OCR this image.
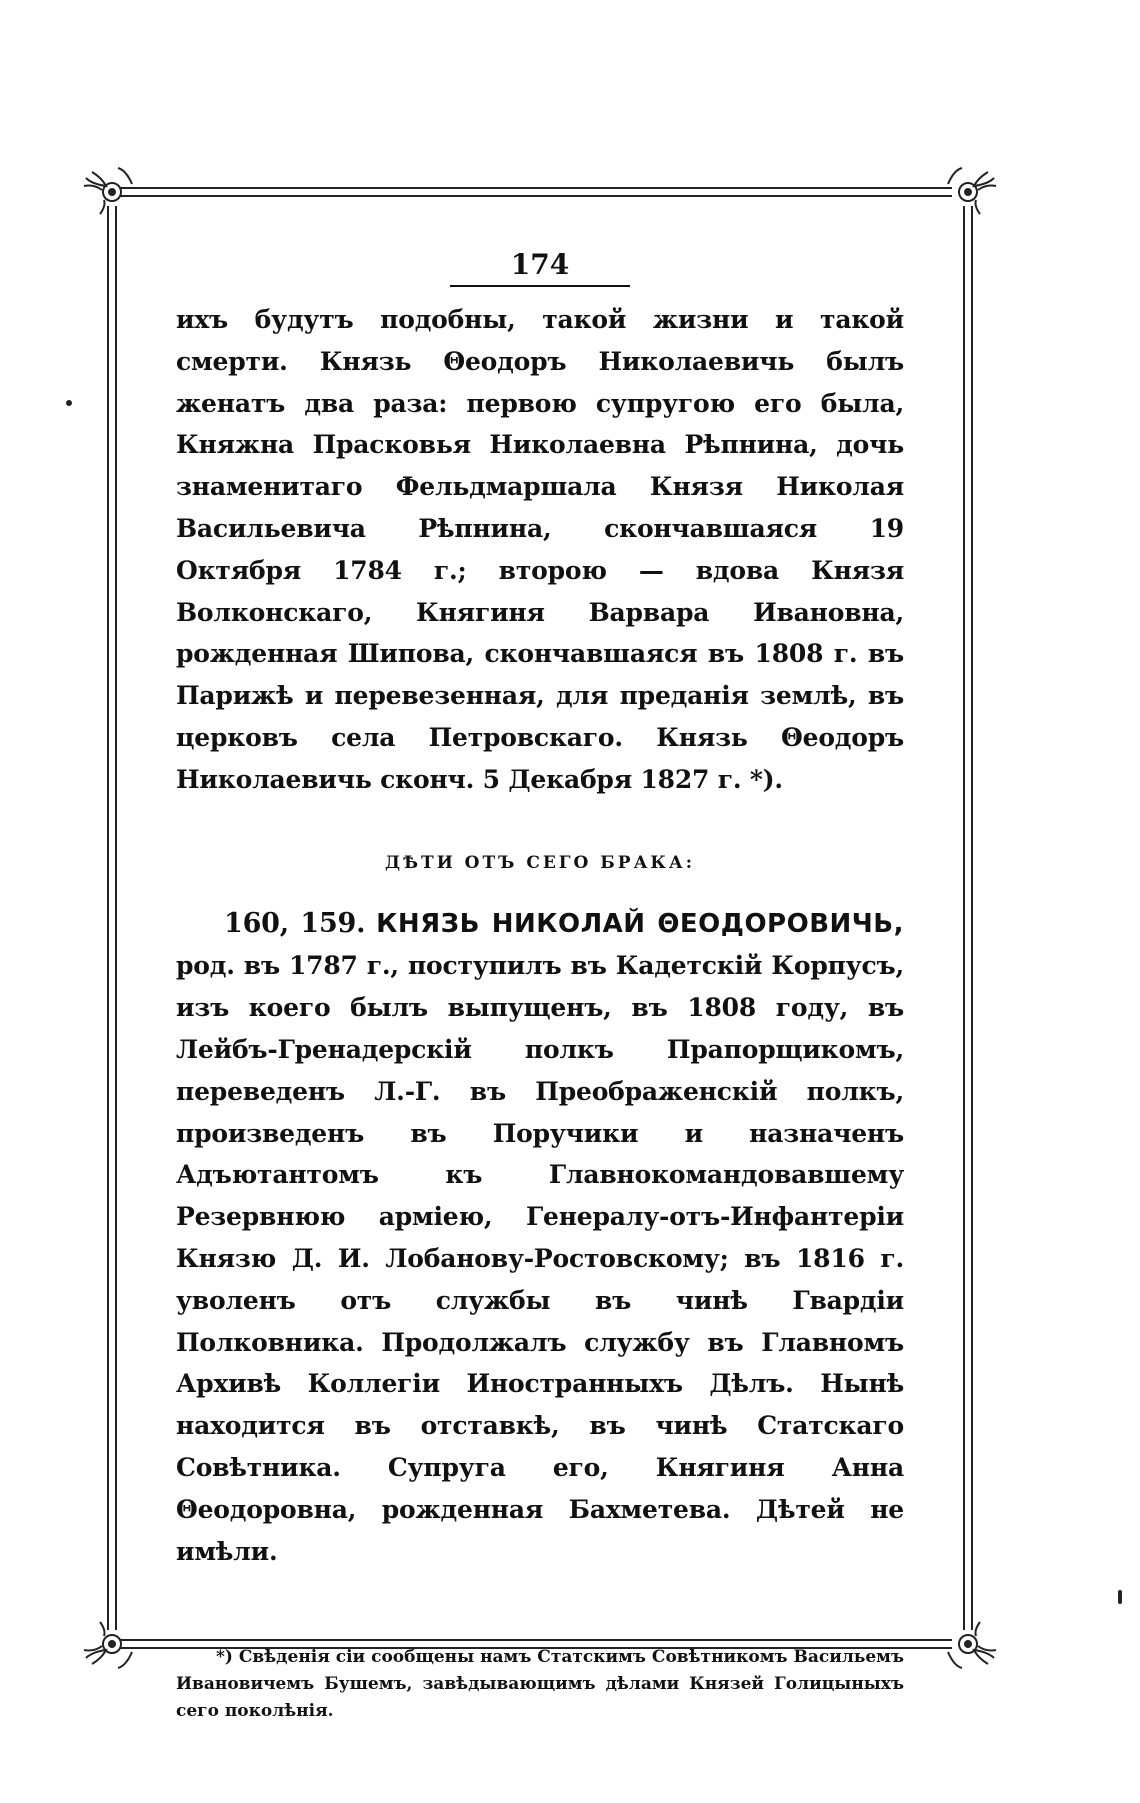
174

ихъ будутъ подобны, такой жизни и такой смерти. Князь Θеодоръ Николаевичь былъ женатъ два раза: первою супругою его была, Княжна Прасковья Николаевна Рѣпнина, дочь знаменитаго Фельдмаршала Князя Николая Васильевича Рѣпнина, скончавшаяся 19 Октября 1784 г.; второю — вдова Князя Волконскаго, Княгиня Варвара Ивановна, рожденная Шипова, скончавшаяся въ 1808 г. въ Парижѣ и перевезенная, для преданія землѣ, въ церковъ села Петровскаго. Князь Θеодоръ Николаевичь сконч. 5 Декабря 1827 г. *).

ДѢТИ ОТЪ СЕГО БРАКА:
160, 159. КНЯЗЬ НИКОЛАЙ ΘЕОДОРОВИЧЬ, род. въ 1787 г., поступилъ въ Кадетскій Корпусъ, изъ коего былъ выпущенъ, въ 1808 году, въ Лейбъ-Гренадерскій полкъ Прапорщикомъ, переведенъ Л.-Г. въ Преображенскій полкъ, произведенъ въ Поручики и назначенъ Адъютантомъ къ Главнокомандовавшему Резервнюю арміею, Генералу-отъ-Инфантеріи Князю Д. И. Лобанову-Ростовскому; въ 1816 г. уволенъ отъ службы въ чинѣ Гвардіи Полковника. Продолжалъ службу въ Главномъ Архивѣ Коллегіи Иностранныхъ Дѣлъ. Нынѣ находится въ отставкѣ, въ чинѣ Статскаго Совѣтника. Супруга его, Княгиня Анна Θеодоровна, рожденная Бахметева. Дѣтей не имѣли.
*) Свѣденія сіи сообщены намъ Статскимъ Совѣтникомъ Васильемъ Ивановичемъ Бушемъ, завѣдывающимъ дѣлами Князей Голицыныхъ сего поколѣнія.
